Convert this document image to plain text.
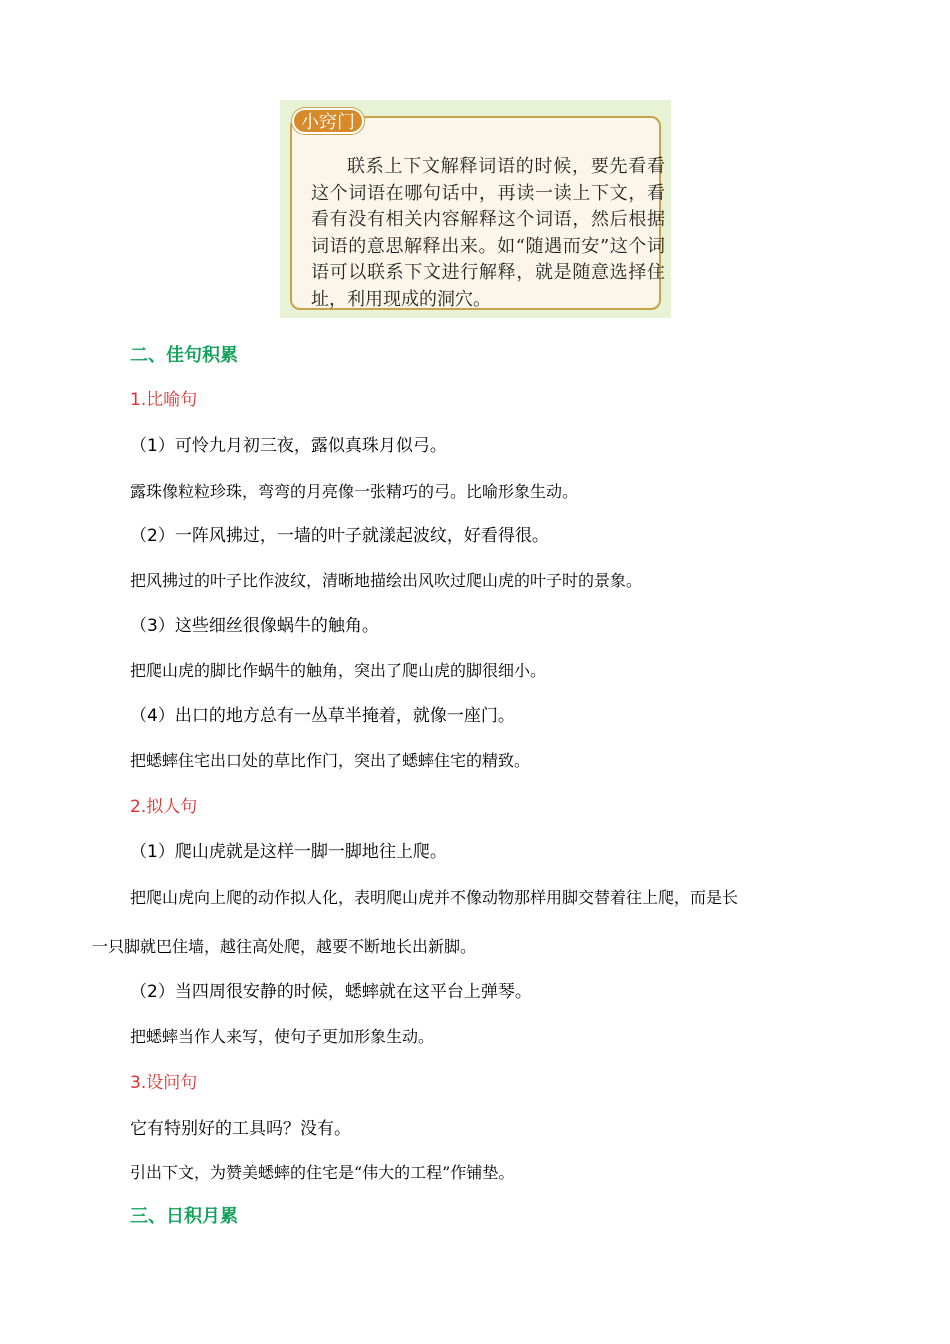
联系上下文解释词语的时候，要先看看这个词语在哪句话中，再读一读上下文，看看有没有相关内容解释这个词语，然后根据词语的意思解释出来。如“随遇而安”这个词语可以联系下文进行解释，就是随意选择住址，利用现成的洞穴。

小窍门

二、佳句积累

1.比喻句

（1）可怜九月初三夜，露似真珠月似弓。

露珠像粒粒珍珠，弯弯的月亮像一张精巧的弓。比喻形象生动。

（2）一阵风拂过，一墙的叶子就漾起波纹，好看得很。

把风拂过的叶子比作波纹，清晰地描绘出风吹过爬山虎的叶子时的景象。

（3）这些细丝很像蜗牛的触角。

把爬山虎的脚比作蜗牛的触角，突出了爬山虎的脚很细小。

（4）出口的地方总有一丛草半掩着，就像一座门。

把蟋蟀住宅出口处的草比作门，突出了蟋蟀住宅的精致。

2.拟人句

（1）爬山虎就是这样一脚一脚地往上爬。

把爬山虎向上爬的动作拟人化，表明爬山虎并不像动物那样用脚交替着往上爬，而是长

一只脚就巴住墙，越往高处爬，越要不断地长出新脚。

（2）当四周很安静的时候，蟋蟀就在这平台上弹琴。

把蟋蟀当作人来写，使句子更加形象生动。

3.设问句

它有特别好的工具吗？没有。

引出下文，为赞美蟋蟀的住宅是“伟大的工程”作铺垫。

三、日积月累
